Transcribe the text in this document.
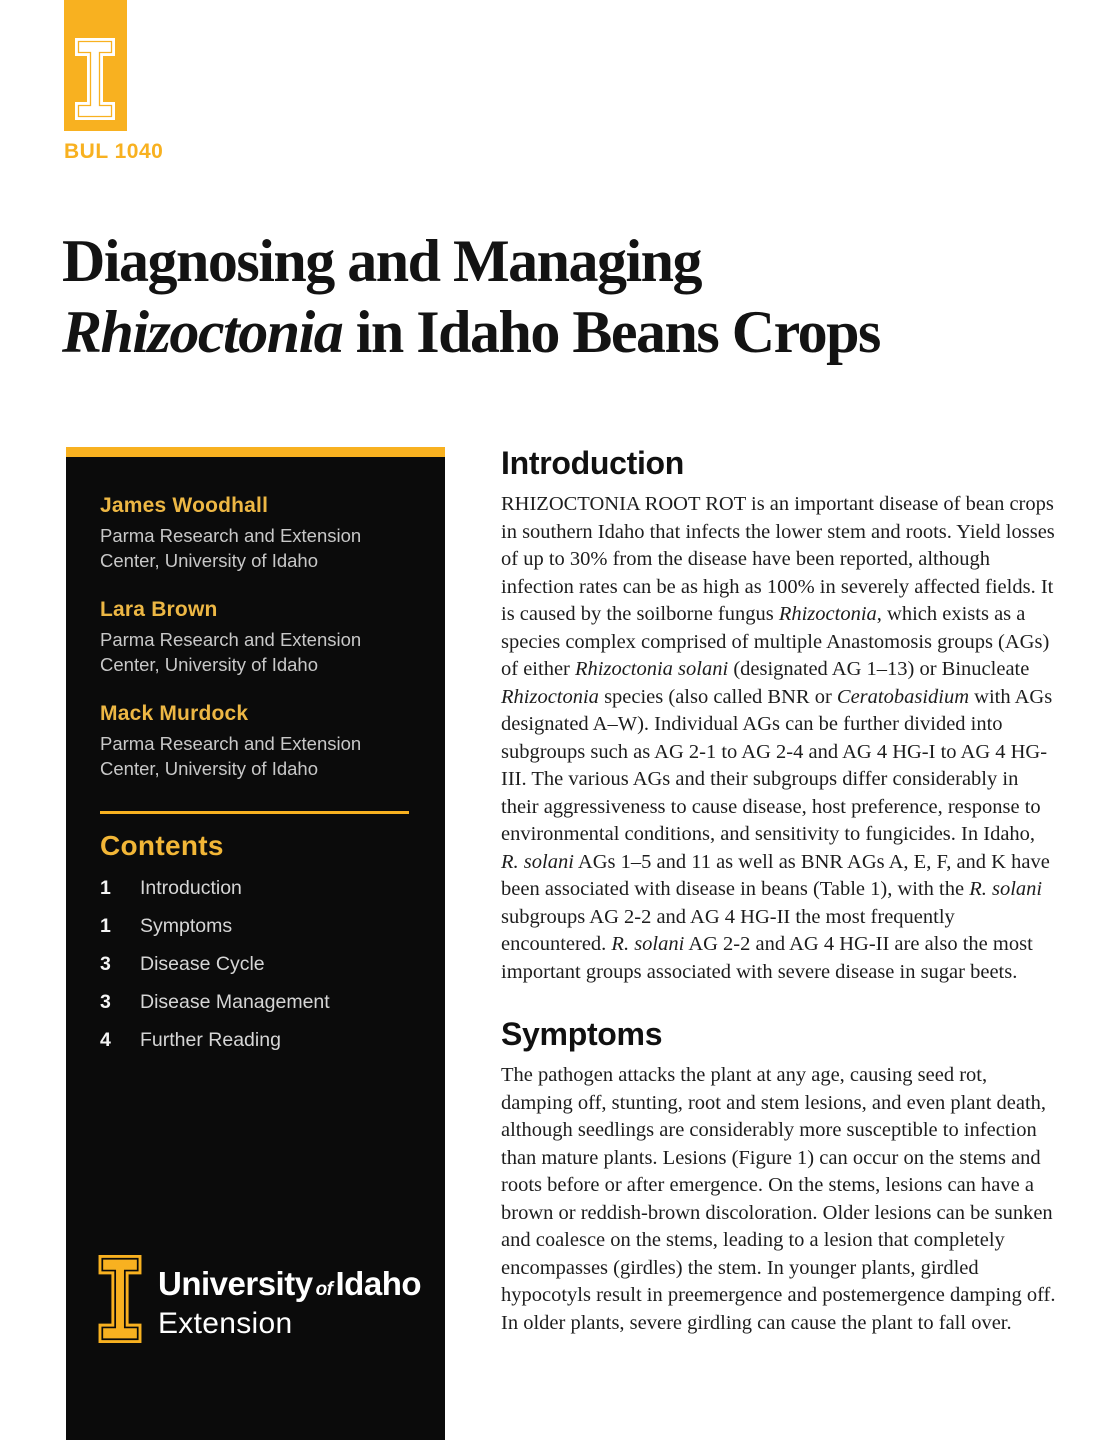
BUL 1040
Diagnosing and Managing
Rhizoctonia in Idaho Beans Crops
James Woodhall
Parma Research and Extension Center, University of Idaho
Lara Brown
Parma Research and Extension Center, University of Idaho
Mack Murdock
Parma Research and Extension Center, University of Idaho
Contents
1	Introduction
1	Symptoms
3	Disease Cycle
3	Disease Management
4	Further Reading
University ofIdaho
Extension
Introduction

RHIZOCTONIA ROOT ROT is an important disease of bean crops in southern Idaho that infects the lower stem and roots. Yield losses of up to 30% from the disease have been reported, although infection rates can be as high as 100% in severely affected fields. It is caused by the soilborne fungus Rhizoctonia, which exists as a species complex comprised of multiple Anastomosis groups (AGs) of either Rhizoctonia solani (designated AG 1–13) or Binucleate Rhizoctonia species (also called BNR or Ceratobasidium with AGs designated A–W). Individual AGs can be further divided into subgroups such as AG 2-1 to AG 2-4 and AG 4 HG-I to AG 4 HG-III. The various AGs and their subgroups differ considerably in their aggressiveness to cause disease, host preference, response to environmental conditions, and sensitivity to fungicides. In Idaho, R. solani AGs 1–5 and 11 as well as BNR AGs A, E, F, and K have been associated with disease in beans (Table 1), with the R. solani subgroups AG 2-2 and AG 4 HG-II the most frequently encountered. R. solani AG 2-2 and AG 4 HG-II are also the most important groups associated with severe disease in sugar beets.

Symptoms

The pathogen attacks the plant at any age, causing seed rot, damping off, stunting, root and stem lesions, and even plant death, although seedlings are considerably more susceptible to infection than mature plants. Lesions (Figure 1) can occur on the stems and roots before or after emergence. On the stems, lesions can have a brown or reddish-brown discoloration. Older lesions can be sunken and coalesce on the stems, leading to a lesion that completely encompasses (girdles) the stem. In younger plants, girdled hypocotyls result in preemergence and postemergence damping off. In older plants, severe girdling can cause the plant to fall over.
